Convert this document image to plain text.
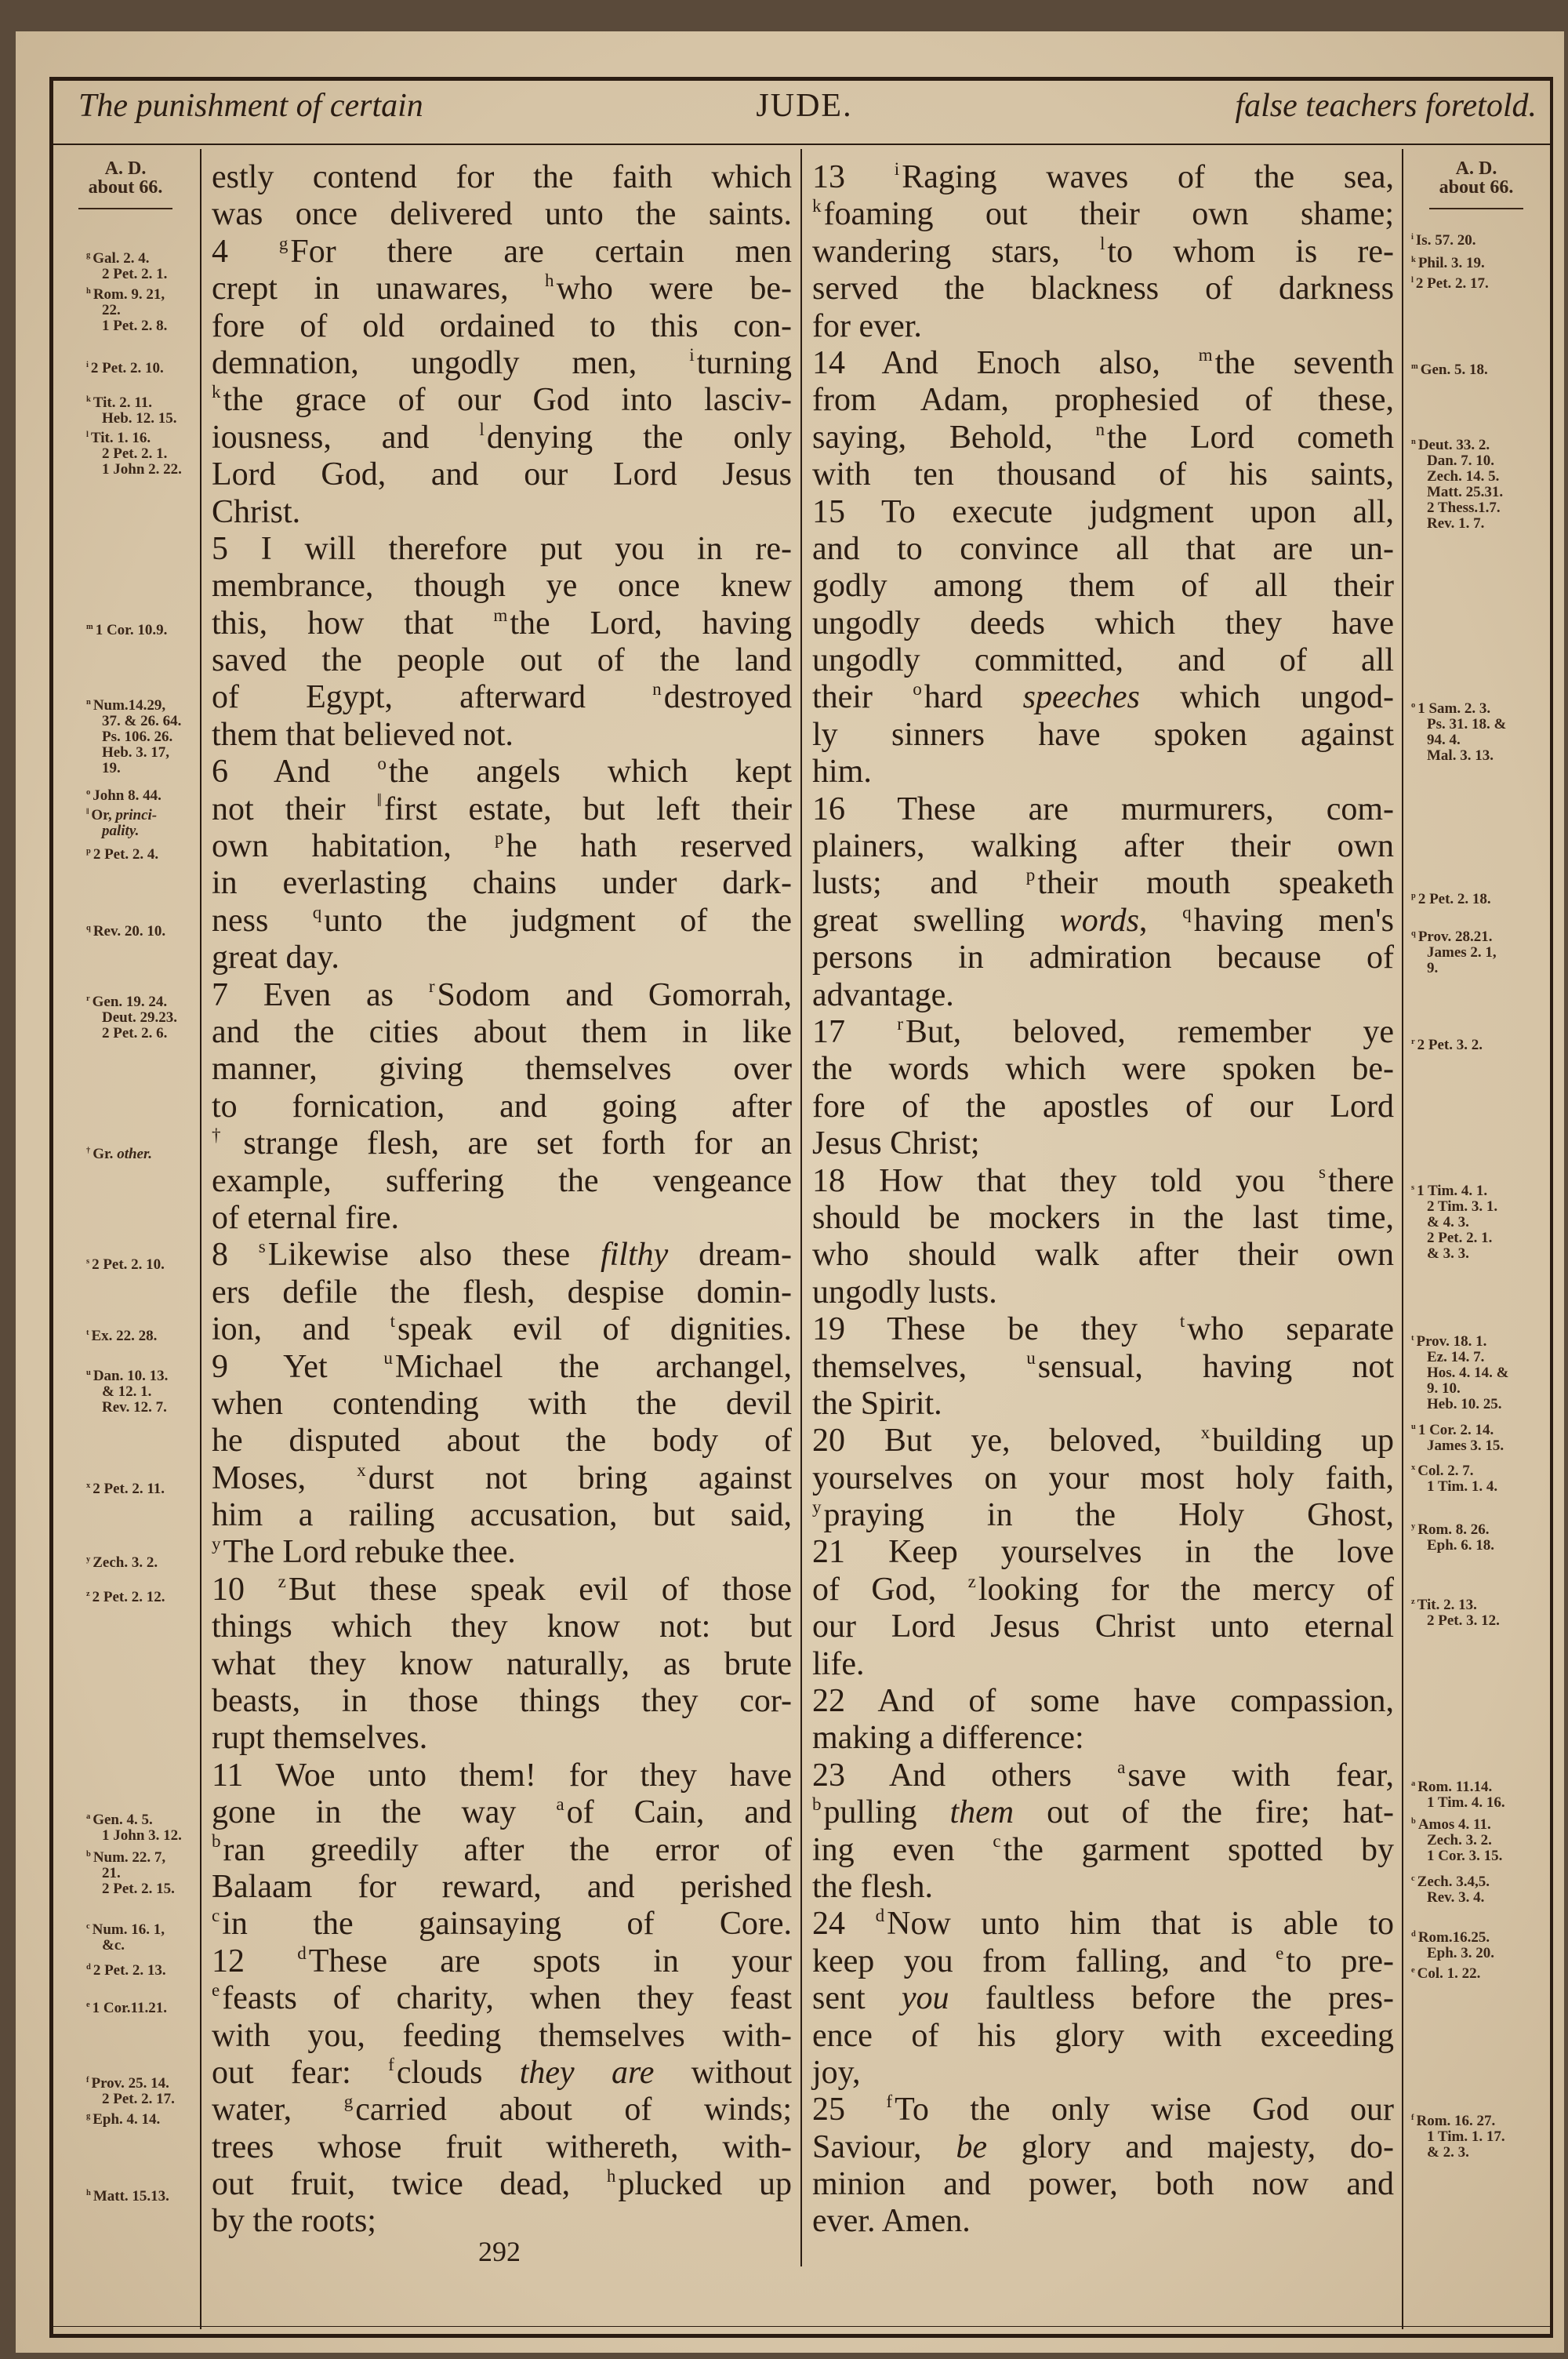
The punishment of certain	JUDE.	false teachers foretold.
A. D.
about 66.
A. D.
about 66.
estly contend for the faith which
was once delivered unto the saints.
4 $^g$For there are certain men
crept in unawares, $^h$who were be-
fore of old ordained to this con-
demnation, ungodly men, $^i$turning
$^k$the grace of our God into lasciv-
iousness, and $^l$denying the only
Lord God, and our Lord Jesus
Christ.
5 I will therefore put you in re-
membrance, though ye once knew
this, how that $^m$the Lord, having
saved the people out of the land
of Egypt, afterward $^n$destroyed
them that believed not.
6 And $^o$the angels which kept
not their ‖first estate, but left their
own habitation, $^p$he hath reserved
in everlasting chains under dark-
ness $^q$unto the judgment of the
great day.
7 Even as $^r$Sodom and Gomorrah,
and the cities about them in like
manner, giving themselves over
to fornication, and going after
†strange flesh, are set forth for an
example, suffering the vengeance
of eternal fire.
8 $^s$Likewise also these filthy dream-
ers defile the flesh, despise domin-
ion, and $^t$speak evil of dignities.
9 Yet $^u$Michael the archangel,
when contending with the devil
he disputed about the body of
Moses, $^x$durst not bring against
him a railing accusation, but said,
$^y$The Lord rebuke thee.
10 $^z$But these speak evil of those
things which they know not: but
what they know naturally, as brute
beasts, in those things they cor-
rupt themselves.
11 Woe unto them! for they have
gone in the way $^a$of Cain, and
$^b$ran greedily after the error of
Balaam for reward, and perished
$^c$in the gainsaying of Core.
12 $^d$These are spots in your
$^e$feasts of charity, when they feast
with you, feeding themselves with-
out fear: $^f$clouds they are without
water, $^g$carried about of winds;
trees whose fruit withereth, with-
out fruit, twice dead, $^h$plucked up
by the roots;
13 $^i$Raging waves of the sea,
$^k$foaming out their own shame;
wandering stars, $^l$to whom is re-
served the blackness of darkness
for ever.
14 And Enoch also, $^m$the seventh
from Adam, prophesied of these,
saying, Behold, $^n$the Lord cometh
with ten thousand of his saints,
15 To execute judgment upon all,
and to convince all that are un-
godly among them of all their
ungodly deeds which they have
ungodly committed, and of all
their $^o$hard speeches which ungod-
ly sinners have spoken against
him.
16 These are murmurers, com-
plainers, walking after their own
lusts; and $^p$their mouth speaketh
great swelling words, $^q$having men's
persons in admiration because of
advantage.
17 $^r$But, beloved, remember ye
the words which were spoken be-
fore of the apostles of our Lord
Jesus Christ;
18 How that they told you $^s$there
should be mockers in the last time,
who should walk after their own
ungodly lusts.
19 These be they $^t$who separate
themselves, $^u$sensual, having not
the Spirit.
20 But ye, beloved, $^x$building up
yourselves on your most holy faith,
$^y$praying in the Holy Ghost,
21 Keep yourselves in the love
of God, $^z$looking for the mercy of
our Lord Jesus Christ unto eternal
life.
22 And of some have compassion,
making a difference:
23 And others $^a$save with fear,
$^b$pulling them out of the fire; hat-
ing even $^c$the garment spotted by
the flesh.
24 $^d$Now unto him that is able to
keep you from falling, and $^e$to pre-
sent you faultless before the pres-
ence of his glory with exceeding
joy,
25 $^f$To the only wise God our
Saviour, be glory and majesty, do-
minion and power, both now and
ever. Amen.
$^g$ Gal. 2. 4.
2 Pet. 2. 1.
$^h$ Rom. 9. 21,
22.
1 Pet. 2. 8.
$^i$ 2 Pet. 2. 10.
$^k$ Tit. 2. 11.
Heb. 12. 15.
$^l$ Tit. 1. 16.
2 Pet. 2. 1.
1 John 2. 22.
$^m$ 1 Cor. 10.9.
$^n$ Num.14.29,
37. & 26. 64.
Ps. 106. 26.
Heb. 3. 17,
19.
$^o$ John 8. 44.
‖ Or, princi-
pality.
$^p$ 2 Pet. 2. 4.
$^q$ Rev. 20. 10.
$^r$ Gen. 19. 24.
Deut. 29.23.
2 Pet. 2. 6.
† Gr. other.
$^s$ 2 Pet. 2. 10.
$^t$ Ex. 22. 28.
$^u$ Dan. 10. 13.
& 12. 1.
Rev. 12. 7.
$^x$ 2 Pet. 2. 11.
$^y$ Zech. 3. 2.
$^z$ 2 Pet. 2. 12.
$^a$ Gen. 4. 5.
1 John 3. 12.
$^b$ Num. 22. 7,
21.
2 Pet. 2. 15.
$^c$ Num. 16. 1,
&c.
$^d$ 2 Pet. 2. 13.
$^e$ 1 Cor.11.21.
$^f$ Prov. 25. 14.
2 Pet. 2. 17.
$^g$ Eph. 4. 14.
$^h$ Matt. 15.13.
$^i$ Is. 57. 20.
$^k$ Phil. 3. 19.
$^l$ 2 Pet. 2. 17.
$^m$ Gen. 5. 18.
$^n$ Deut. 33. 2.
Dan. 7. 10.
Zech. 14. 5.
Matt. 25.31.
2 Thess.1.7.
Rev. 1. 7.
$^o$ 1 Sam. 2. 3.
Ps. 31. 18. &
94. 4.
Mal. 3. 13.
$^p$ 2 Pet. 2. 18.
$^q$ Prov. 28.21.
James 2. 1,
9.
$^r$ 2 Pet. 3. 2.
$^s$ 1 Tim. 4. 1.
2 Tim. 3. 1.
& 4. 3.
2 Pet. 2. 1.
& 3. 3.
$^t$ Prov. 18. 1.
Ez. 14. 7.
Hos. 4. 14. &
9. 10.
Heb. 10. 25.
$^u$ 1 Cor. 2. 14.
James 3. 15.
$^x$ Col. 2. 7.
1 Tim. 1. 4.
$^y$ Rom. 8. 26.
Eph. 6. 18.
$^z$ Tit. 2. 13.
2 Pet. 3. 12.
$^a$ Rom. 11.14.
1 Tim. 4. 16.
$^b$ Amos 4. 11.
Zech. 3. 2.
1 Cor. 3. 15.
$^c$ Zech. 3.4,5.
Rev. 3. 4.
$^d$ Rom.16.25.
Eph. 3. 20.
$^e$ Col. 1. 22.
$^f$ Rom. 16. 27.
1 Tim. 1. 17.
& 2. 3.
292
